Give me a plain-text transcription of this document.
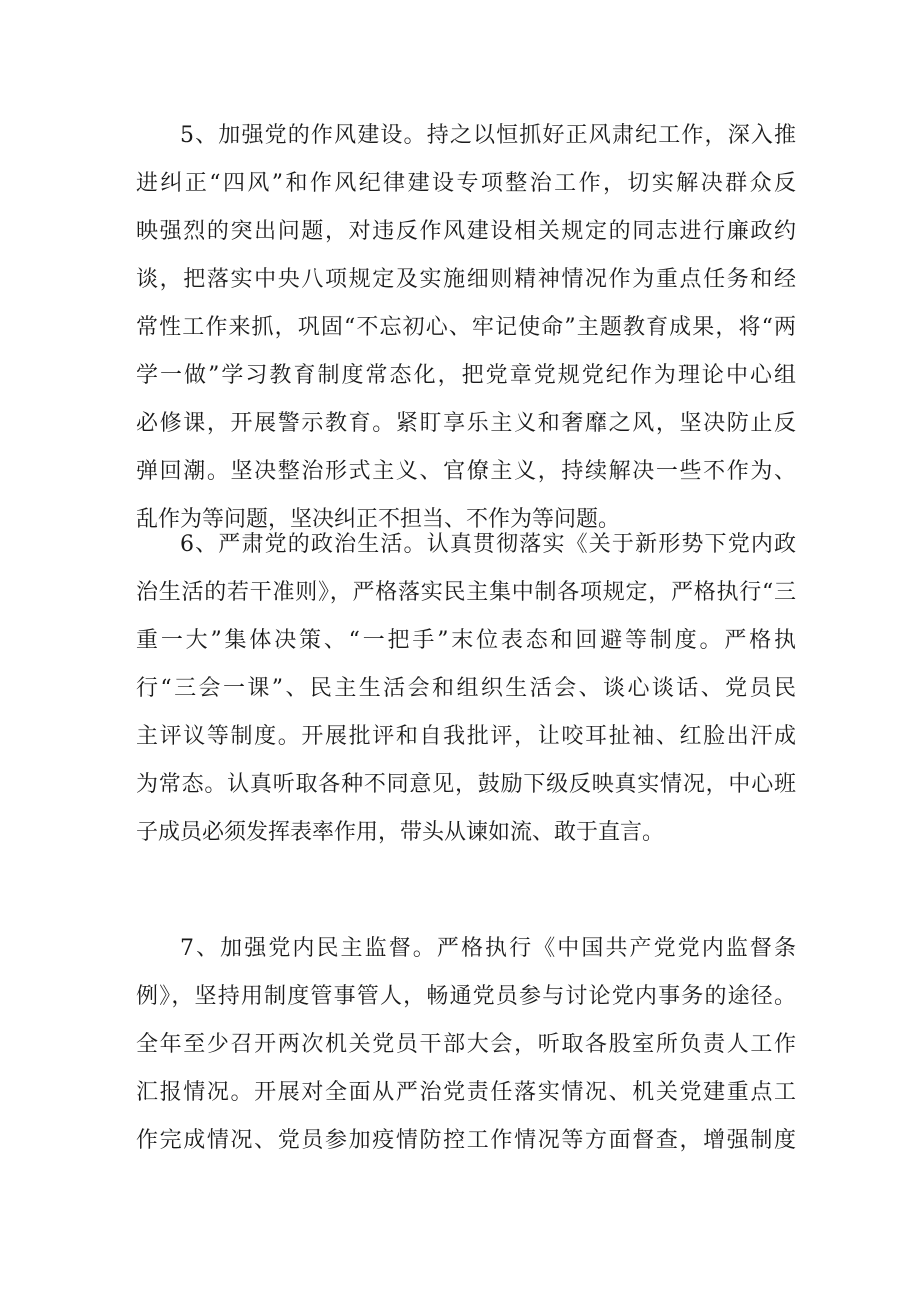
5、加强党的作风建设。持之以恒抓好正风肃纪工作，深入推
进纠正“四风”和作风纪律建设专项整治工作，切实解决群众反
映强烈的突出问题，对违反作风建设相关规定的同志进行廉政约
谈，把落实中央八项规定及实施细则精神情况作为重点任务和经
常性工作来抓，巩固“不忘初心、牢记使命”主题教育成果，将“两
学一做”学习教育制度常态化，把党章党规党纪作为理论中心组
必修课，开展警示教育。紧盯享乐主义和奢靡之风，坚决防止反
弹回潮。坚决整治形式主义、官僚主义，持续解决一些不作为、
乱作为等问题，坚决纠正不担当、不作为等问题。
6、严肃党的政治生活。认真贯彻落实《关于新形势下党内政
治生活的若干准则》，严格落实民主集中制各项规定，严格执行“三
重一大”集体决策、“一把手”末位表态和回避等制度。严格执
行“三会一课”、民主生活会和组织生活会、谈心谈话、党员民
主评议等制度。开展批评和自我批评，让咬耳扯袖、红脸出汗成
为常态。认真听取各种不同意见，鼓励下级反映真实情况，中心班
子成员必须发挥表率作用，带头从谏如流、敢于直言。
7、加强党内民主监督。严格执行《中国共产党党内监督条
例》，坚持用制度管事管人，畅通党员参与讨论党内事务的途径。
全年至少召开两次机关党员干部大会，听取各股室所负责人工作
汇报情况。开展对全面从严治党责任落实情况、机关党建重点工
作完成情况、党员参加疫情防控工作情况等方面督查，增强制度
